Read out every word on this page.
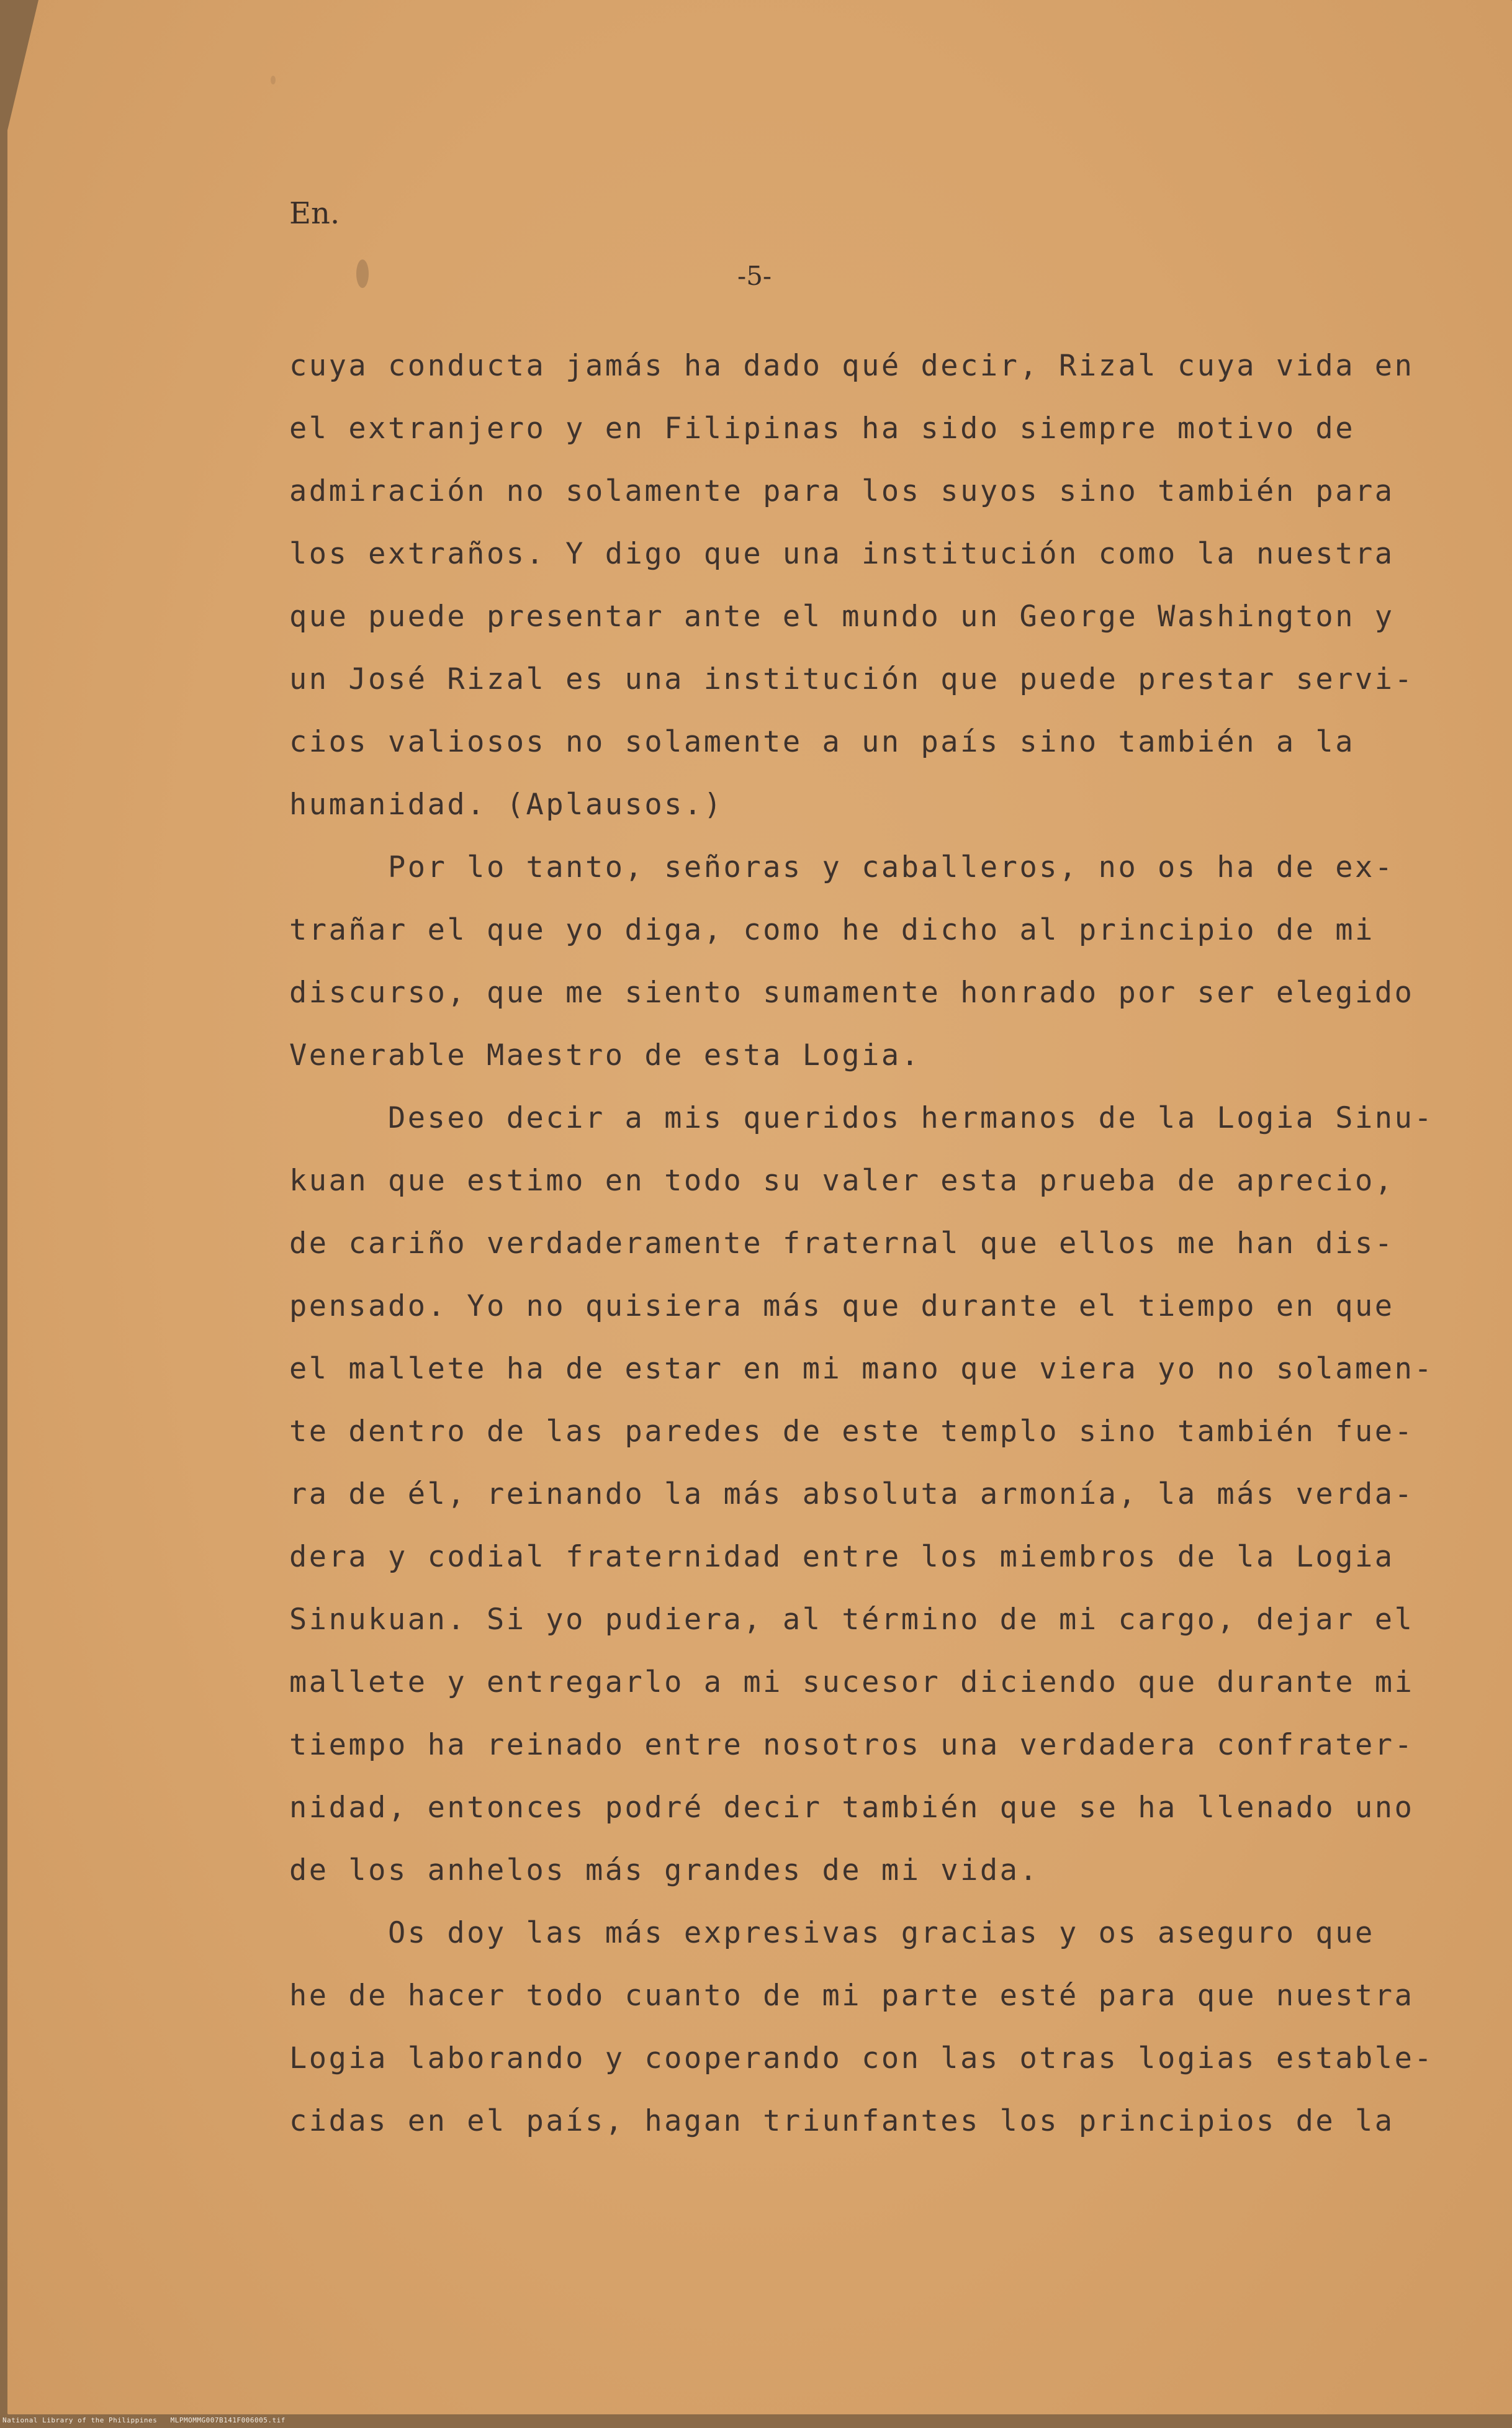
En.

-5-

cuya conducta jamás ha dado qué decir, Rizal cuya vida en

el extranjero y en Filipinas ha sido siempre motivo de

admiración no solamente para los suyos sino también para

los extraños. Y digo que una institución como la nuestra

que puede presentar ante el mundo un George Washington y

un José Rizal es una institución que puede prestar servi-

cios valiosos no solamente a un país sino también a la

humanidad. (Aplausos.)

Por lo tanto, señoras y caballeros, no os ha de ex-

trañar el que yo diga, como he dicho al principio de mi

discurso, que me siento sumamente honrado por ser elegido

Venerable Maestro de esta Logia.

Deseo decir a mis queridos hermanos de la Logia Sinu-

kuan que estimo en todo su valer esta prueba de aprecio,

de cariño verdaderamente fraternal que ellos me han dis-

pensado. Yo no quisiera más que durante el tiempo en que

el mallete ha de estar en mi mano que viera yo no solamen-

te dentro de las paredes de este templo sino también fue-

ra de él, reinando la más absoluta armonía, la más verda-

dera y codial fraternidad entre los miembros de la Logia

Sinukuan. Si yo pudiera, al término de mi cargo, dejar el

mallete y entregarlo a mi sucesor diciendo que durante mi

tiempo ha reinado entre nosotros una verdadera confrater-

nidad, entonces podré decir también que se ha llenado uno

de los anhelos más grandes de mi vida.

Os doy las más expresivas gracias y os aseguro que

he de hacer todo cuanto de mi parte esté para que nuestra

Logia laborando y cooperando con las otras logias estable-

cidas en el país, hagan triunfantes los principios de la

National Library of the Philippines   MLPMOMMG007B141F006005.tif
